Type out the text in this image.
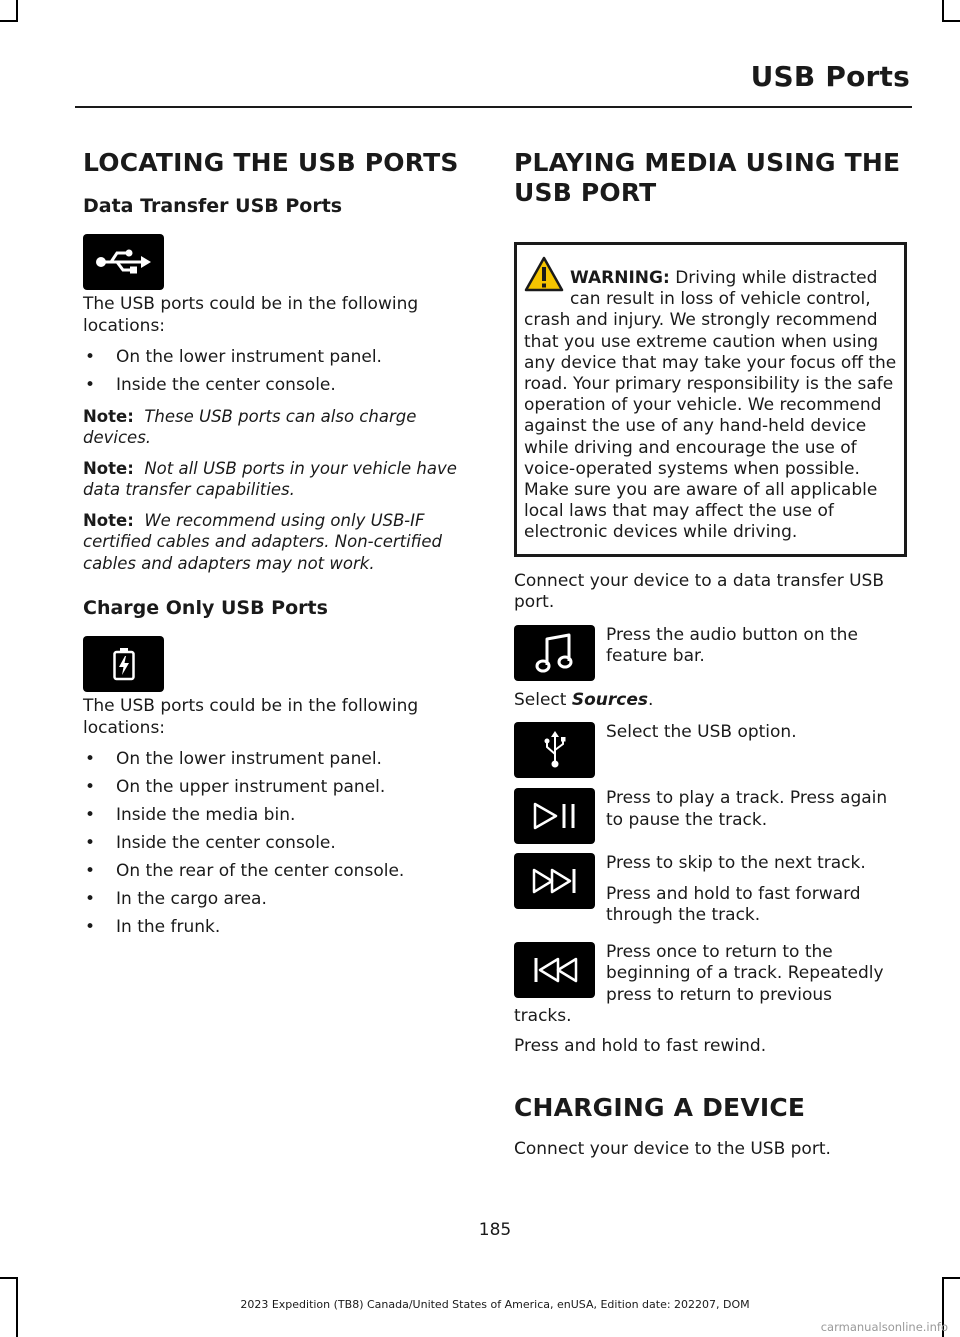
USB Ports
LOCATING THE USB PORTS
Data Transfer USB Ports

The USB ports could be in the following locations:

• On the lower instrument panel.
• Inside the center console.

Note: These USB ports can also charge devices.

Note: Not all USB ports in your vehicle have data transfer capabilities.

Note: We recommend using only USB-IF certified cables and adapters. Non-certified cables and adapters may not work.

Charge Only USB Ports

The USB ports could be in the following locations:

• On the lower instrument panel.
• On the upper instrument panel.
• Inside the media bin.
• Inside the center console.
• On the rear of the center console.
• In the cargo area.
• In the frunk.
PLAYING MEDIA USING THE
USB PORT
WARNING: Driving while distracted can result in loss of vehicle control, crash and injury. We strongly recommend that you use extreme caution when using any device that may take your focus off the road. Your primary responsibility is the safe operation of your vehicle. We recommend against the use of any hand-held device while driving and encourage the use of voice-operated systems when possible. Make sure you are aware of all applicable local laws that may affect the use of electronic devices while driving.

Connect your device to a data transfer USB port.

Press the audio button on the feature bar.

Select Sources.

Select the USB option.
Press to play a track. Press again to pause the track.
Press to skip to the next track.
Press and hold to fast forward through the track.
Press once to return to the beginning of a track. Repeatedly press to return to previous

tracks.

Press and hold to fast rewind.

CHARGING A DEVICE

Connect your device to the USB port.

185
2023 Expedition (TB8) Canada/United States of America, enUSA, Edition date: 202207, DOM
carmanualsonline.info
